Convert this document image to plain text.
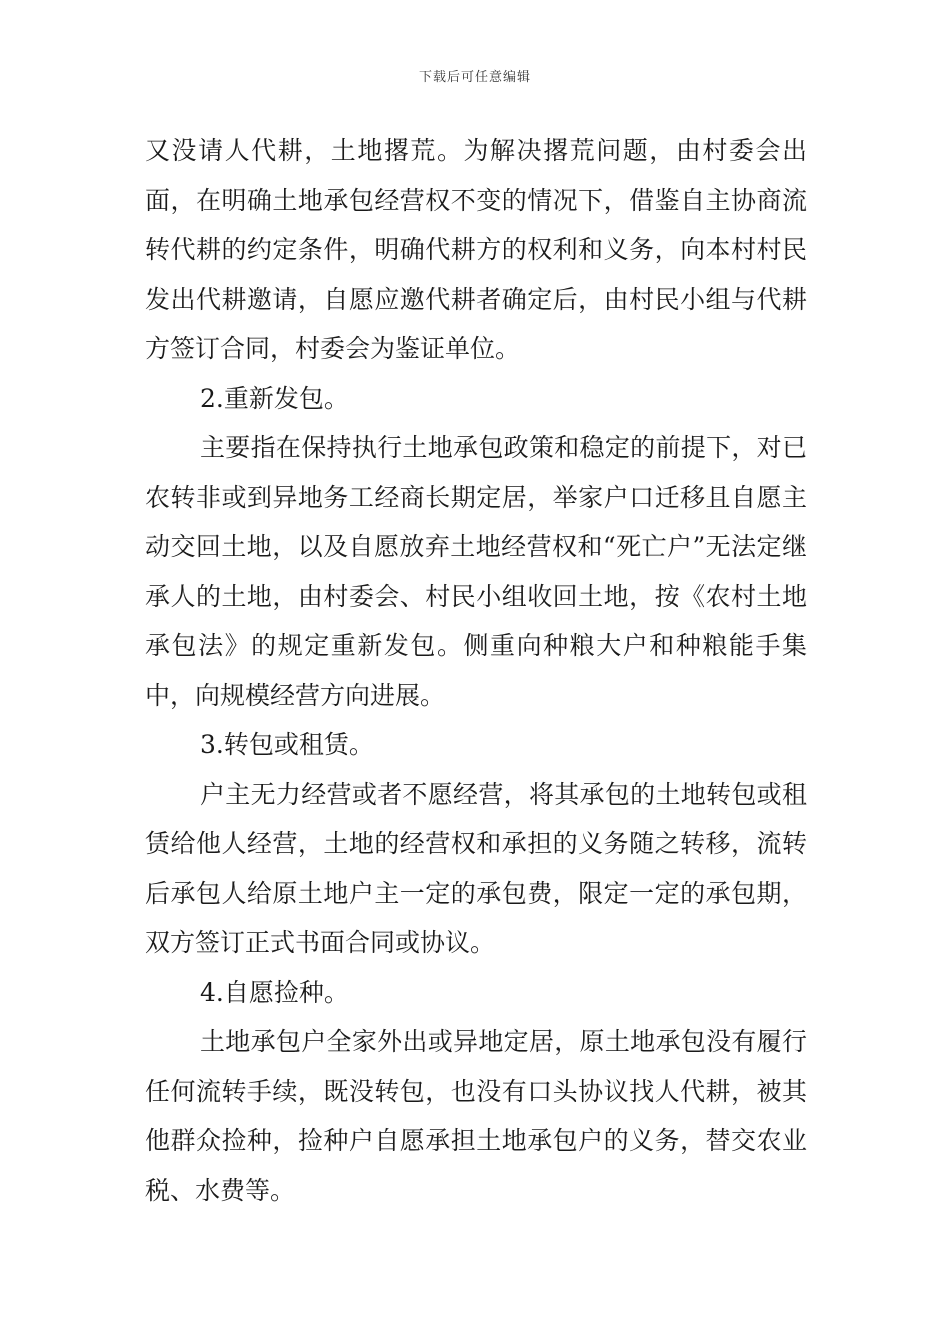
下载后可任意编辑

又没请人代耕，土地撂荒。为解决撂荒问题，由村委会出面，在明确土地承包经营权不变的情况下，借鉴自主协商流转代耕的约定条件，明确代耕方的权利和义务，向本村村民发出代耕邀请，自愿应邀代耕者确定后，由村民小组与代耕方签订合同，村委会为鉴证单位。

2.重新发包。

主要指在保持执行土地承包政策和稳定的前提下，对已农转非或到异地务工经商长期定居，举家户口迁移且自愿主动交回土地，以及自愿放弃土地经营权和“死亡户”无法定继承人的土地，由村委会、村民小组收回土地，按《农村土地承包法》的规定重新发包。侧重向种粮大户和种粮能手集中，向规模经营方向进展。

3.转包或租赁。

户主无力经营或者不愿经营，将其承包的土地转包或租赁给他人经营，土地的经营权和承担的义务随之转移，流转后承包人给原土地户主一定的承包费，限定一定的承包期，双方签订正式书面合同或协议。

4.自愿捡种。

土地承包户全家外出或异地定居，原土地承包没有履行任何流转手续，既没转包，也没有口头协议找人代耕，被其他群众捡种，捡种户自愿承担土地承包户的义务，替交农业税、水费等。
